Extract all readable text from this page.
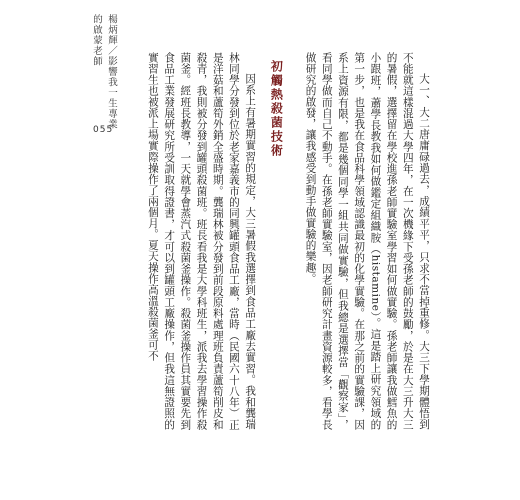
楊炳輝／影響我一生專業
的啟蒙老師
055	大一、大二唐庸碌過去，成績平平，只求不當掉重修。大三下學期體悟到不能就這樣混過大學四年，在一次機緣下受孫老師的鼓勵，於是在大三升大三的暑假，選擇留在學校進孫老師實驗室學習如何做實驗。孫老師讓我做鱈魚的小跟班，蕭學長教我如何做鑑定組織胺（histamine）。這是踏上研究領域的第一步，也是我在食品科學領域認識最初的化學實驗。在那之前的實驗課，因系上資源有限，都是幾個同學一組共同做實驗，但我總是選擇當「觀察家」，看同學做而自己不動手。在孫老師實驗室，因老師研究計畫資源較多，看學長做研究的啟發，讓我感受到動手做實驗的樂趣。

初觸熱殺菌技術

因系上有暑期實習的規定，大三暑假我選擇到食品工廠去實習。我和龔瑞林同學分發到位於老家嘉義市的同興罐頭食品工廠，當時（民國六十八年）正是洋菇和蘆筍外銷全盛時期。龔瑞林被分發到前段原料處理班負責蘆筍削皮和殺青，我則被分發到罐頭殺菌班。班長看我是大學科班生，派我去學習操作殺菌釜。經班長教導，一天就學會蒸汽式殺菌釜操作。殺菌釜操作員其實要先到食品工業發展研究所受訓取得證書，才可以到罐頭工廠操作，但我這無證照的實習生也被派上場實際操作了兩個月。夏天操作高溫殺菌釜可不
